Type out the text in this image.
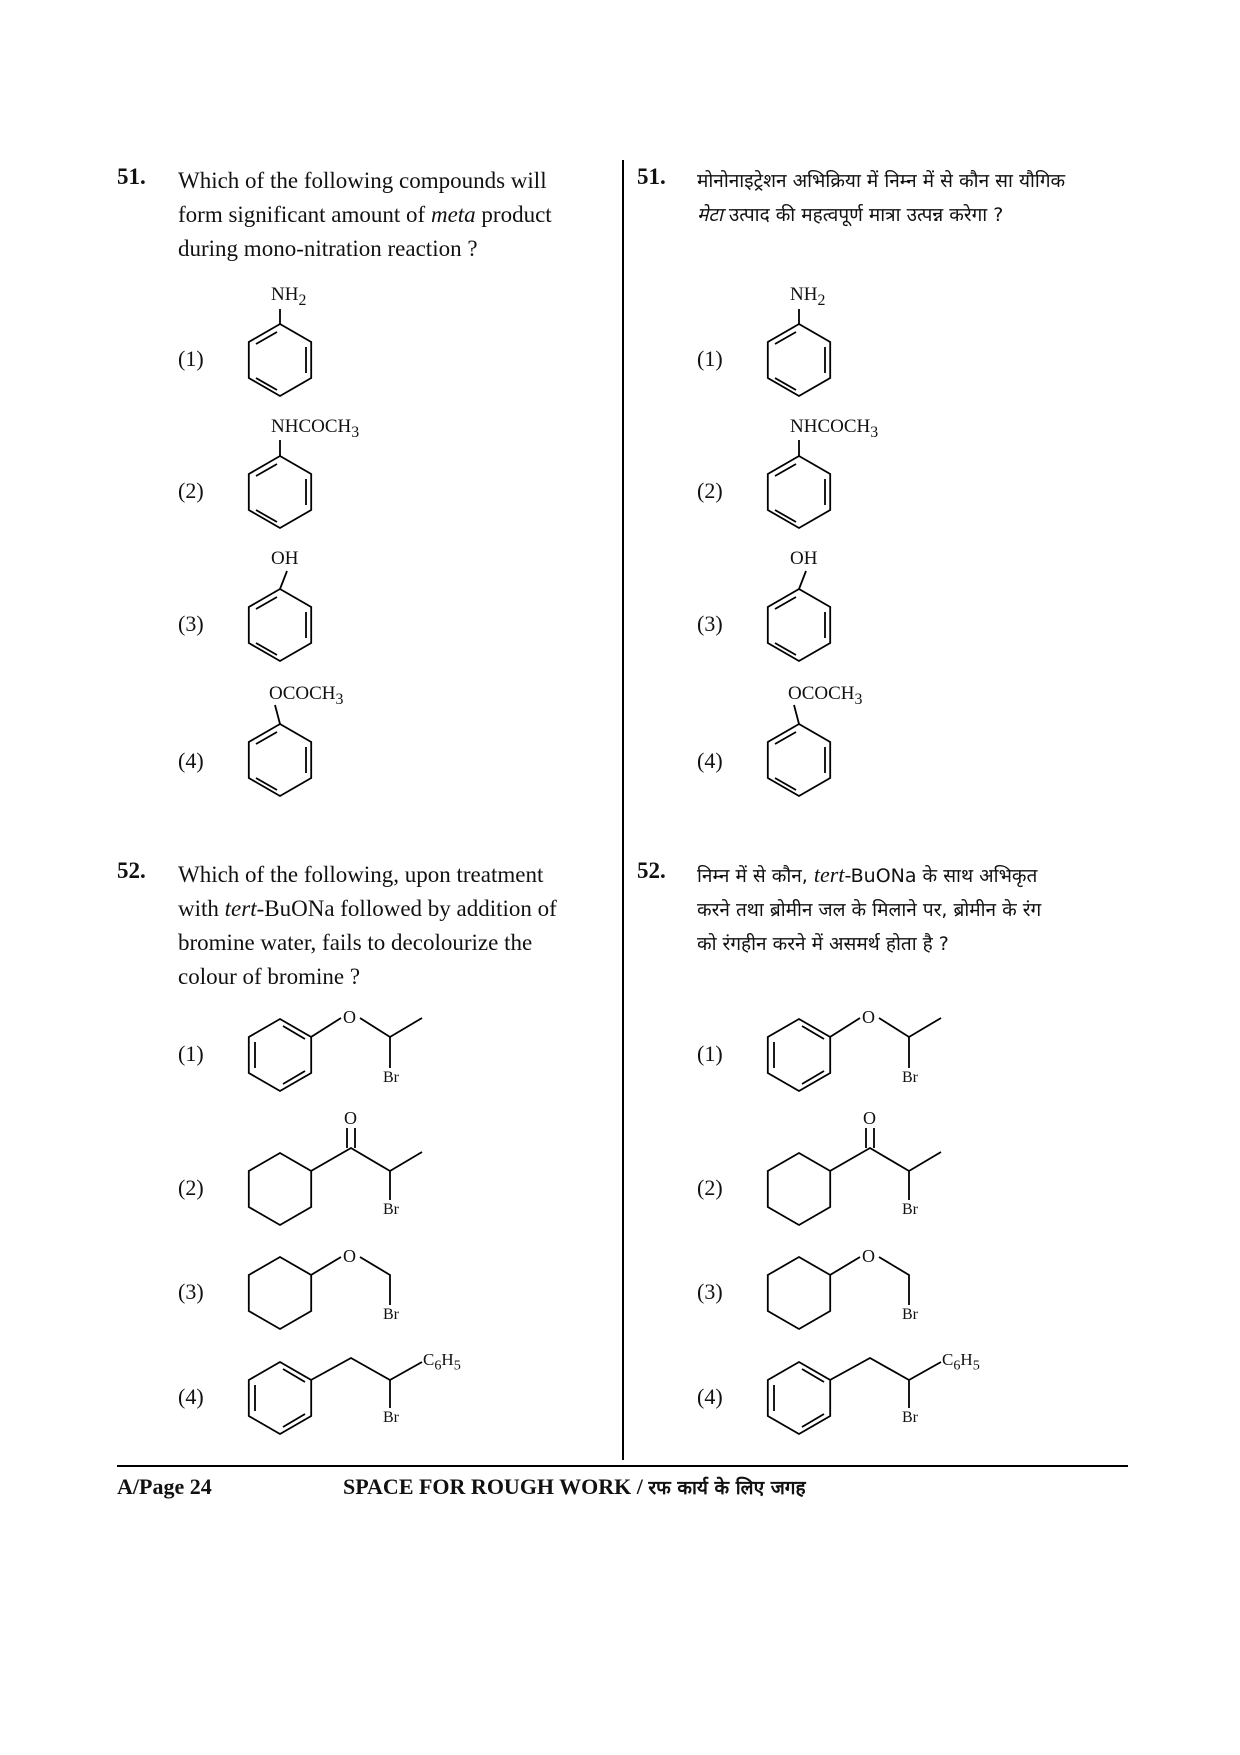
51. Which of the following compounds will
form significant amount of meta product
during mono-nitration reaction ?
51. मोनोनाइट्रेशन अभिक्रिया में निम्न में से कौन सा यौगिक
मेटा उत्पाद की महत्वपूर्ण मात्रा उत्पन्न करेगा ?
(1)
$NH_2$
(2)
$NHCOCH_3$
(3)
OH
(4)
$OCOCH_3$
(1)
$NH_2$
(2)
$NHCOCH_3$
(3)
OH
(4)
$OCOCH_3$
52. Which of the following, upon treatment
with tert-BuONa followed by addition of
bromine water, fails to decolourize the
colour of bromine ?
52. निम्न में से कौन, tert-BuONa के साथ अभिकृत
करने तथा ब्रोमीन जल के मिलाने पर, ब्रोमीन के रंग
को रंगहीन करने में असमर्थ होता है ?
(1)
O
Br
(2)
O
Br
(3)
O
Br
(4)
$C_6H_5$
Br
(1)
O
Br
(2)
O
Br
(3)
O
Br
(4)
$C_6H_5$
Br
A/Page 24	SPACE FOR ROUGH WORK / रफ कार्य के लिए जगह
